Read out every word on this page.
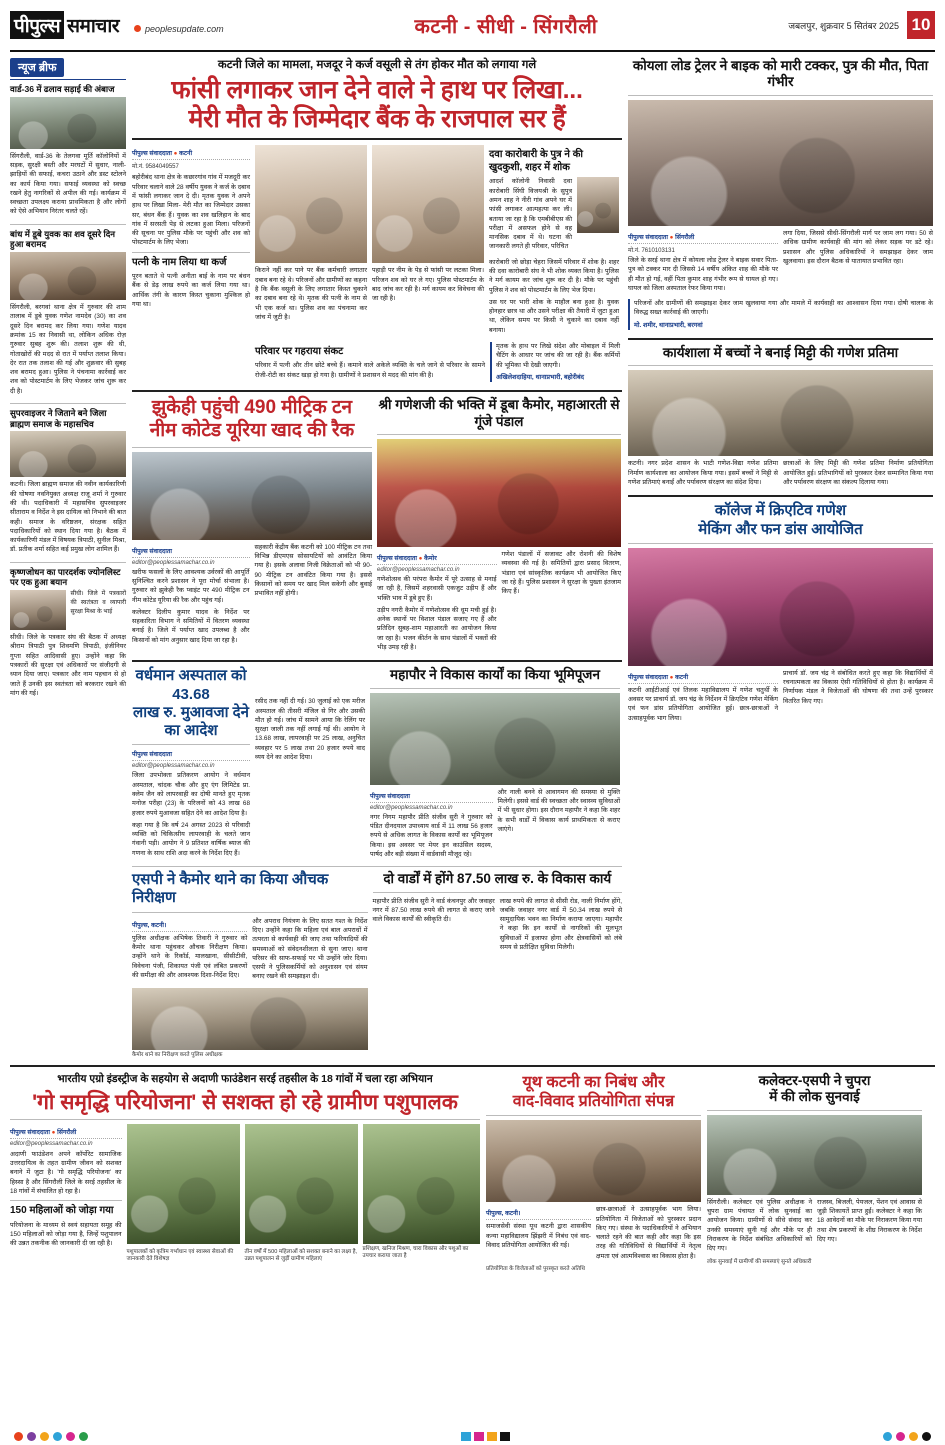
पीपुल्स समाचार	peoplesupdate.com	कटनी - सीधी - सिंगरौली	जबलपुर, शुक्रवार 5 सितंबर 2025 10
न्यूज ब्रीफ
वार्ड-36 में ढलाव सड़ाई की अंबाज

सिंगरौली, वार्ड-36 के तेलगवा मूर्ति कॉलोनियों में सड़क, सुरक्षी बस्ती और मरघटों में सुधार, नाली-झाड़ियों की सफाई, कचरा उठाने और डस्ट स्टोलने का कार्य किया गया। सफाई व्यवस्था को स्वच्छ रखने हेतु नागरिकों से अपील की गई। कार्यक्रम में स्वच्छता उपलक्ष्य कराया प्राथमिकता है और लोगों को ऐसे अभियान निरंतर चलते रहें।

बांध में डूबे युवक का शव दूसरे दिन हुआ बरामद

सिंगरौली, बरगवां थाना क्षेत्र में गुरुवार की शाम तालाब में डूबे युवक गणेश नामदेव (30) का शव दूसरे दिन बरामद कर लिया गया। गणेश यादव क्रमांक 15 का निवासी था, लोकिन अधिक रोज़ गुरुवार सुबह शुरू की। तलाश शुरू की थी, गोताखोरों की मदद से रात में पर्याप्त तलाश किया। देर रात तक तलाश की गई और शुक्रवार की सुबह शव बरामद हुआ। पुलिस ने पंचनामा कार्रवाई कर शव को पोस्टमार्टम के लिए भेजकर जांच शुरू कर दी है।

सुपरवाइजर ने जिताने बने जिला ब्राह्मण समाज के महासचिव

कटनी। जिला ब्राह्मण समाज की नवीन कार्यकारिणी की घोषणा नवनियुक्त अध्यक्ष राजू शर्मा ने गुरुवार की थी। पदाधिकारी में महासचिव सुपरवाइजर सीताराम व निर्देश ने इस दायित्व को निभाने की बात कही। समाज के वरिष्ठजन, संरक्षक सहित पदाधिकारियों को स्थान दिया गया है। बैठक में कार्यकारिणी मंडल में विषयक त्रिपाठी, सुनील मिश्रा, डॉ. प्रतीक शर्मा सहित कई प्रमुख लोग शामिल हैं।

कृष्णजोधन का पारदर्शक ज्योनलिस्ट पर एक हुआ बयान

सीधी। जिले में पत्रकारों की स्वतंत्रता व व्यापारी सुरक्षा मिश्रा के भाई

सीधी। जिले के पत्रकार संघ की बैठक में अध्यक्ष श्रीराम त्रिपाठी पुत्र शिवमणि त्रिपाठी, इंजीनियर गुप्ता सहित आदिवासी हुए। उन्होंने कहा कि पत्रकारों की सुरक्षा एवं अधिकारों पर संजीदगी से ध्यान दिया जाए। पत्रकार और नाम पहचान से हो जाते हैं उनकी इस स्वतंत्रता को बरकरार रखने की मांग की गई।

कटनी जिले का मामला, मजदूर ने कर्ज वसूली से तंग होकर मौत को लगाया गले
फांसी लगाकर जान देने वाले ने हाथ पर लिखा...
मेरी मौत के जिम्मेदार बैंक के राजपाल सर हैं
पीपुल्स संवाददाता ● कटनी
मो.नं. 9584049557

बहोरीबंद थाना क्षेत्र के कछारगांव गांव में मजदूरी कर परिवार चलाने वाले 28 वर्षीय युवक ने कर्ज के दबाव में फांसी लगाकर जान दे दी। मृतक युवक ने अपने हाथ पर लिखा मिला- मेरी मौत का जिम्मेदार उसका सर, बंधन बैंक हैं। युवक का शव खलिहान के बाद गांव में सरसती पेड़ से लटका हुआ मिला। परिजनों की सूचना पर पुलिस मौके पर पहुंची और शव को पोस्टमार्टम के लिए भेजा।

पत्नी के नाम लिया था कर्ज

पूरन बताते थे पत्नी अनीता बाई के नाम पर बंधन बैंक से डेढ़ लाख रुपये का कर्ज लिया गया था। आर्थिक तंगी के कारण किस्त चुकाना मुश्किल हो गया था।

किराने नहीं कर पाने पर बैंक कर्मचारी लगातार दबाव बना रहे थे। परिजनों और ग्रामीणों का कहना है कि बैंक वसूली के लिए लगातार किस्त चुकाने का दबाव बना रहे थे। मृतक की पत्नी के नाम से भी एक कर्ज था। पुलिस शव का पंचनामा कर जांच में जुटी है।

पहाड़ी पर नीम के पेड़ से फांसी पर लटका मिला। परिजन शव को घर ले गए। पुलिस पोस्टमार्टम के बाद जांच कर रही है। मर्ग कायम कर विवेचना की जा रही है।

दवा कारोबारी के पुत्र ने की खुदकुशी, शहर में शोक

आदर्श कॉलोनी निवासी दवा कारोबारी सिंघी विजयश्री के सुपुत्र अमन शाह ने नीरी गांव अपने घर में फांसी लगाकर आत्महत्या कर ली। बताया जा रहा है कि एमबीबीएस की परीक्षा में असफल होने से वह मानसिक दबाव में थे। घटना की जानकारी लगते ही परिवार, परिचित

कारोबारी जो छोड़ा चेहरा जिसमें परिवार में शोक है। शहर की दवा कारोबारी संघ ने भी शोक व्यक्त किया है। पुलिस ने मर्ग कायम कर जांच शुरू कर दी है। मौके पर पहुंची पुलिस ने शव को पोस्टमार्टम के लिए भेज दिया।

उस घर पर भारी शोक के माहौल बना हुआ है। युवक होनहार छात्र था और उसने परीक्षा की तैयारी में जुटा हुआ था, लेकिन समय पर किसी ने चुकाने का दबाव नहीं बनाया।

परिवार पर गहराया संकट

परिवार में पत्नी और तीन छोटे बच्चे हैं। कमाने वाले अकेले व्यक्ति के चले जाने से परिवार के सामने रोजी-रोटी का संकट खड़ा हो गया है। ग्रामीणों ने प्रशासन से मदद की मांग की है।

मृतक के हाथ पर लिखे संदेश और मोबाइल में मिली चैटिंग के आधार पर जांच की जा रही है। बैंक कर्मियों की भूमिका भी देखी जाएगी।

अखिलेशदाहिया, थानाप्रभारी, बहोरीबंद

झुकेही पहुंची 490 मीट्रिक टन
नीम कोटेड यूरिया खाद की रैक
पीपुल्स संवाददाता
editor@peoplessamachar.co.in

खरीफ फसलों के लिए आवश्यक उर्वरकों की आपूर्ति सुनिश्चित करने प्रशासन ने पूरा मोर्चा संभाला है। गुरुवार को झुकेही रैक प्वाइंट पर 490 मीट्रिक टन नीम कोटेड यूरिया की रैक और पहुंच गई।

कलेक्टर दिलीप कुमार यादव के निर्देश पर सहकारिता विभाग ने समितियों में वितरण व्यवस्था बनाई है। जिले में पर्याप्त खाद उपलब्ध है और किसानों को मांग अनुसार खाद दिया जा रहा है।

सहकारी केंद्रीय बैंक कटनी को 100 मीट्रिक टन तथा विभिन्न डीएमएस सोसायटियों को आवंटित किया गया है। इसके अलावा निजी विक्रेताओं को भी 90-90 मीट्रिक टन आवंटित किया गया है। इससे किसानों को समय पर खाद मिल सकेगी और बुवाई प्रभावित नहीं होगी।

श्री गणेशजी की भक्ति में डूबा कैमोर, महाआरती से गूंजे पंडाल
पीपुल्स संवाददाता ● कैमोर
editor@peoplessamachar.co.in

गणेशोत्सव की परंपरा कैमोर में पूरे उत्साह से मनाई जा रही है, जिसमें शहरवासी एकजुट उड़ीप हैं और भक्ति भाव में डूबे हुए हैं।

उड़ीप नगरी कैमोर में गणेशोत्सव की धूम मची हुई है। अनेक स्थानों पर विशाल पंडाल सजाए गए हैं और प्रतिदिन सुबह-शाम महाआरती का आयोजन किया जा रहा है। भजन कीर्तन के साथ पंडालों में भक्तों की भीड़ उमड़ रही है।

गणेश पंडालों में सजावट और रोशनी की विशेष व्यवस्था की गई है। समितियों द्वारा प्रसाद वितरण, भंडारा एवं सांस्कृतिक कार्यक्रम भी आयोजित किए जा रहे हैं। पुलिस प्रशासन ने सुरक्षा के पुख्ता इंतजाम किए हैं।

वर्धमान अस्पताल को 43.68
लाख रु. मुआवजा देने का आदेश
पीपुल्स संवाददाता
editor@peoplessamachar.co.in

जिला उपभोक्ता प्रतिकरण आयोग ने वर्धमान अस्पताल, चांदक चौक और हुए एंग लिमिटेड प्रा. क्लेम जैन को लापरवाही का दोषी मानते हुए मृतक मनोज परीहा (23) के परिजनों को 43 लाख 68 हजार रुपये मुआवजा सहित देने का आदेश दिया है।

कहा गया है कि वर्ष 24 अगस्त 2023 से परिवादी व्यक्ति को चिकित्सीय लापरवाही के चलते जान गंवानी पड़ी। आयोग ने 9 प्रतिशत वार्षिक ब्याज की गणना के साथ राशि अदा करने के निर्देश दिए हैं।

रसीद तक नहीं दी गई। 30 जुलाई को एक मरीज अस्पताल की तीसरी मंजिल से गिर और उसकी मौत हो गई। जांच में सामने आया कि रेलिंग पर सुरक्षा जाली तक नहीं लगाई गई थी। आयोग ने 13.68 लाख, लापरवाही पर 25 लाख, अनुचित व्यवहार पर 5 लाख तथा 20 हजार रुपये वाद व्यय देने का आदेश दिया।

महापौर ने विकास कार्यों का किया भूमिपूजन
पीपुल्स संवाददाता
editor@peoplessamachar.co.in

नगर निगम महापौर प्रीति संजीव सुरी ने गुरुवार को पंडित दीनदयाल उपाध्याय वार्ड में 11 लाख 56 हजार रुपये से अधिक लागत के विकास कार्यों का भूमिपूजन किया। इस अवसर पर मेयर इन काउंसिल सदस्य, पार्षद और बड़ी संख्या में वार्डवासी मौजूद रहे।

और नाली बनने से आवागमन की समस्या से मुक्ति मिलेगी। इससे वार्ड की स्वच्छता और स्वास्थ्य सुविधाओं में भी सुधार होगा। इस दौरान महापौर ने कहा कि शहर के सभी वार्डों में विकास कार्य प्राथमिकता से कराए जाएंगे।

एसपी ने कैमोर थाने का किया औचक निरीक्षण
पीपुल्स, कटनी।

पुलिस अधीक्षक अभिषेक तिवारी ने गुरुवार को कैमोर थाना पहुंचकर औचक निरीक्षण किया। उन्होंने थाने के रिकॉर्ड, मालखाना, सीसीटीवी, विवेचना पंजी, शिकायत पंजी एवं लंबित प्रकरणों की समीक्षा की और आवश्यक दिशा-निर्देश दिए।

और अपराध नियंत्रण के लिए सतत गश्त के निर्देश दिए। उन्होंने कहा कि महिला एवं बाल अपराधों में तत्परता से कार्यवाही की जाए तथा फरियादियों की समस्याओं को संवेदनशीलता से सुना जाए। थाना परिसर की साफ-सफाई पर भी उन्होंने जोर दिया। एसपी ने पुलिसकर्मियों को अनुशासन एवं संयम बनाए रखने की समझाइश दी।

कैमोर थाने का निरीक्षण करते पुलिस अधीक्षक
दो वार्डों में होंगे 87.50 लाख रु. के विकास कार्य

महापौर प्रीति संजीव सुरी ने वार्ड कंचनपुर और जवाहर नगर में 87.50 लाख रुपये की लागत से कराए जाने वाले विकास कार्यों की स्वीकृति दी।

लाख रुपये की लागत से सीसी रोड, नाली निर्माण होंगे, जबकि जवाहर नगर वार्ड में 50.34 लाख रुपये से सामुदायिक भवन का निर्माण कराया जाएगा। महापौर ने कहा कि इन कार्यों से नागरिकों की मूलभूत सुविधाओं में इजाफा होगा और क्षेत्रवासियों को लंबे समय से प्रतीक्षित सुविधा मिलेगी।

कोयला लोड ट्रेलर ने बाइक को मारी टक्कर, पुत्र की मौत, पिता गंभीर
पीपुल्स संवाददाता ● सिंगरौली
मो.नं. 7610103131

जिले के सरई थाना क्षेत्र में कोयला लोड ट्रेलर ने बाइक सवार पिता-पुत्र को टक्कर मार दी जिससे 14 वर्षीय अंकित शाह की मौके पर ही मौत हो गई, वहीं पिता कुमार शाह गंभीर रूप से घायल हो गए। घायल को जिला अस्पताल रेफर किया गया।

लगा दिया, जिससे सीधी-सिंगरौली मार्ग पर जाम लग गया। 50 से अधिक ग्रामीण कार्यवाही की मांग को लेकर सड़क पर डटे रहे। प्रशासन और पुलिस अधिकारियों ने समझाइश देकर जाम खुलवाया। इस दौरान बैठक से यातायात प्रभावित रहा।

परिजनों और ग्रामीणों की समझाइश देकर जाम खुलवाया गया और मामले में कार्यवाही का आश्वासन दिया गया। दोषी चालक के विरुद्ध सख्त कार्रवाई की जाएगी।

मो. शमीर, थानाप्रभारी, बरगवां

कार्यशाला में बच्चों ने बनाई मिट्टी की गणेश प्रतिमा

कटनी। नगर प्रदेश शासन के भाटी गणेश-विद्या गणेश प्रतिमा निर्माण कार्यशाला का आयोजन किया गया। इसमें बच्चों ने मिट्टी से गणेश प्रतिमाएं बनाईं और पर्यावरण संरक्षण का संदेश दिया।

छात्राओं के लिए मिट्टी की गणेश प्रतिमा निर्माण प्रतियोगिता आयोजित हुई। प्रतिभागियों को पुरस्कार देकर सम्मानित किया गया और पर्यावरण संरक्षण का संकल्प दिलाया गया।

कॉलेज में क्रिएटिव गणेश
मेकिंग और फन डांस आयोजित
पीपुल्स संवाददाता ● कटनी

कटनी आईटीआई एवं तिलक महाविद्यालय में गणेश चतुर्थी के अवसर पर प्राचार्य डॉ. जय चंद्र के निर्देशन में क्रिएटिव गणेश मेकिंग एवं फन डांस प्रतियोगिता आयोजित हुई। छात्र-छात्राओं ने उत्साहपूर्वक भाग लिया।

प्राचार्य डॉ. जय चंद्र ने संबोधित करते हुए कहा कि विद्यार्थियों में रचनात्मकता का विकास ऐसी गतिविधियों से होता है। कार्यक्रम में निर्णायक मंडल ने विजेताओं की घोषणा की तथा उन्हें पुरस्कार वितरित किए गए।

भारतीय एग्रो इंडस्ट्रीज के सहयोग से अदाणी फाउंडेशन सरई तहसील के 18 गांवों में चला रहा अभियान
'गो समृद्धि परियोजना' से सशक्त हो रहे ग्रामीण पशुपालक
पीपुल्स संवाददाता ● सिंगरौली
editor@peoplessamachar.co.in

अदाणी फाउंडेशन अपने कॉर्पोरेट सामाजिक उत्तरदायित्व के तहत ग्रामीण जीवन को सशक्त बनाने में जुटा है। 'गो समृद्धि परियोजना' का हिस्सा है और सिंगरौली जिले के सरई तहसील के 18 गांवों में संचालित हो रहा है।

150 महिलाओं को जोड़ा गया

परियोजना के माध्यम से स्वयं सहायता समूह की 150 महिलाओं को जोड़ा गया है, जिन्हें पशुपालन की उन्नत तकनीक की जानकारी दी जा रही है।

पशुपालकों को कृत्रिम गर्भाधान एवं स्वास्थ्य सेवाओं की जानकारी देते विशेषज्ञ
तीन वर्षों में 500 महिलाओं को सशक्त बनाने का लक्ष्य है, उन्नत पशुपालन से जुड़ीं ग्रामीण महिलाएं
प्रशिक्षण, खनिज मिश्रण, चारा विकास और पशुओं का उपचार कराया जाता है
यूथ कटनी का निबंध और
वाद-विवाद प्रतियोगिता संपन्न
पीपुल्स, कटनी।

समाजसेवी संस्था यूथ कटनी द्वारा शासकीय कन्या महाविद्यालय झिंझरी में निबंध एवं वाद-विवाद प्रतियोगिता आयोजित की गई।

छात्र-छात्राओं ने उत्साहपूर्वक भाग लिया। प्रतियोगिता में विजेताओं को पुरस्कार प्रदान किए गए। संस्था के पदाधिकारियों ने अभियान चलाते रहने की बात कही और कहा कि इस तरह की गतिविधियों से विद्यार्थियों में नेतृत्व क्षमता एवं आत्मविश्वास का विकास होता है।

प्रतियोगिता के विजेताओं को पुरस्कृत करते अतिथि
कलेक्टर-एसपी ने चुपरा
में की लोक सुनवाई

सिंगरौली। कलेक्टर एवं पुलिस अधीक्षक ने चुपरा ग्राम पंचायत में लोक सुनवाई का आयोजन किया। ग्रामीणों से सीधे संवाद कर उनकी समस्याएं सुनी गईं और मौके पर ही निराकरण के निर्देश संबंधित अधिकारियों को दिए गए।

राजस्व, बिजली, पेयजल, पेंशन एवं आवास से जुड़ी शिकायतें प्राप्त हुईं। कलेक्टर ने कहा कि 18 आवेदनों का मौके पर निराकरण किया गया तथा शेष प्रकरणों के शीघ्र निराकरण के निर्देश दिए गए।

लोक सुनवाई में ग्रामीणों की समस्याएं सुनते अधिकारी
